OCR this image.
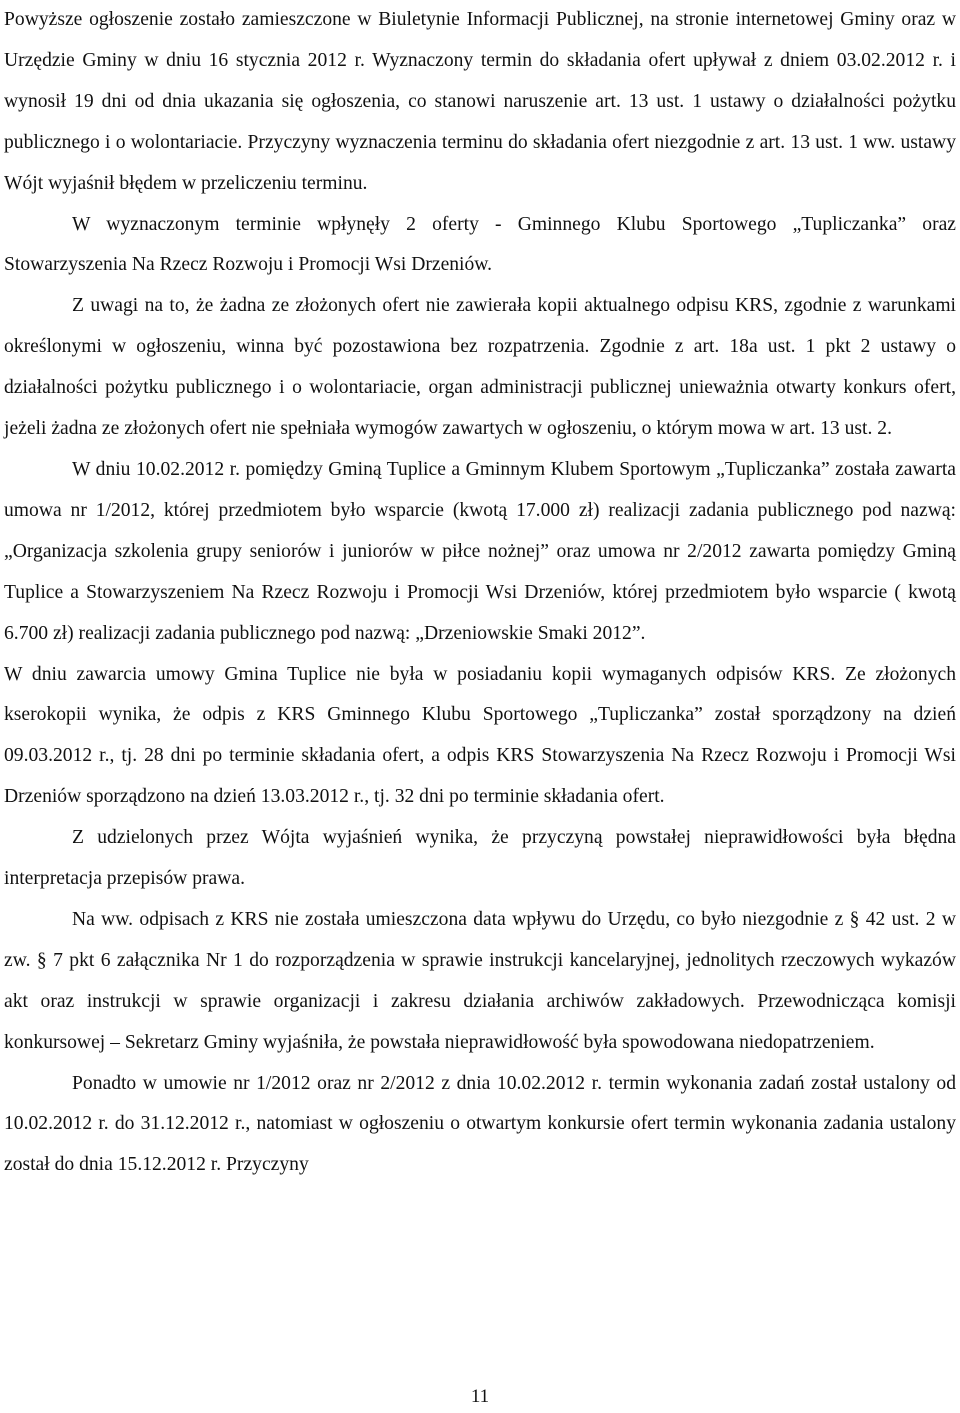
Powyższe ogłoszenie zostało zamieszczone w Biuletynie Informacji Publicznej, na stronie internetowej Gminy oraz w Urzędzie Gminy w dniu 16 stycznia 2012 r. Wyznaczony termin do składania ofert upływał z dniem 03.02.2012 r. i wynosił 19 dni od dnia ukazania się ogłoszenia, co stanowi naruszenie art. 13 ust. 1 ustawy o działalności pożytku publicznego i o wolontariacie. Przyczyny wyznaczenia terminu do składania ofert niezgodnie z art. 13 ust. 1 ww. ustawy Wójt wyjaśnił błędem w przeliczeniu terminu.

W wyznaczonym terminie wpłynęły 2 oferty - Gminnego Klubu Sportowego „Tupliczanka” oraz Stowarzyszenia Na Rzecz Rozwoju i Promocji Wsi Drzeniów.

Z uwagi na to, że żadna ze złożonych ofert nie zawierała kopii aktualnego odpisu KRS, zgodnie z warunkami określonymi w ogłoszeniu, winna być pozostawiona bez rozpatrzenia. Zgodnie z art. 18a ust. 1 pkt 2 ustawy o działalności pożytku publicznego i o wolontariacie, organ administracji publicznej unieważnia otwarty konkurs ofert, jeżeli żadna ze złożonych ofert nie spełniała wymogów zawartych w ogłoszeniu, o którym mowa w art. 13 ust. 2.

W dniu 10.02.2012 r. pomiędzy Gminą Tuplice a Gminnym Klubem Sportowym „Tupliczanka” została zawarta umowa nr 1/2012, której przedmiotem było wsparcie (kwotą 17.000 zł) realizacji zadania publicznego pod nazwą: „Organizacja szkolenia grupy seniorów i juniorów w piłce nożnej” oraz umowa nr 2/2012 zawarta pomiędzy Gminą Tuplice a Stowarzyszeniem Na Rzecz Rozwoju i Promocji Wsi Drzeniów, której przedmiotem było wsparcie ( kwotą 6.700 zł) realizacji zadania publicznego pod nazwą: „Drzeniowskie Smaki 2012”.

W dniu zawarcia umowy Gmina Tuplice nie była w posiadaniu kopii wymaganych odpisów KRS. Ze złożonych kserokopii wynika, że odpis z KRS Gminnego Klubu Sportowego „Tupliczanka” został sporządzony na dzień 09.03.2012 r., tj. 28 dni po terminie składania ofert, a odpis KRS Stowarzyszenia Na Rzecz Rozwoju i Promocji Wsi Drzeniów sporządzono na dzień 13.03.2012 r., tj. 32 dni po terminie składania ofert.

Z udzielonych przez Wójta wyjaśnień wynika, że przyczyną powstałej nieprawidłowości była błędna interpretacja przepisów prawa.

Na ww. odpisach z KRS nie została umieszczona data wpływu do Urzędu, co było niezgodnie z § 42 ust. 2 w zw. § 7 pkt 6 załącznika Nr 1 do rozporządzenia w sprawie instrukcji kancelaryjnej, jednolitych rzeczowych wykazów akt oraz instrukcji w sprawie organizacji i zakresu działania archiwów zakładowych. Przewodnicząca komisji konkursowej – Sekretarz Gminy wyjaśniła, że powstała nieprawidłowość była spowodowana niedopatrzeniem.

Ponadto w umowie nr 1/2012 oraz nr 2/2012 z dnia 10.02.2012 r. termin wykonania zadań został ustalony od 10.02.2012 r. do 31.12.2012 r., natomiast w ogłoszeniu o otwartym konkursie ofert termin wykonania zadania ustalony został do dnia 15.12.2012 r. Przyczyny

11
